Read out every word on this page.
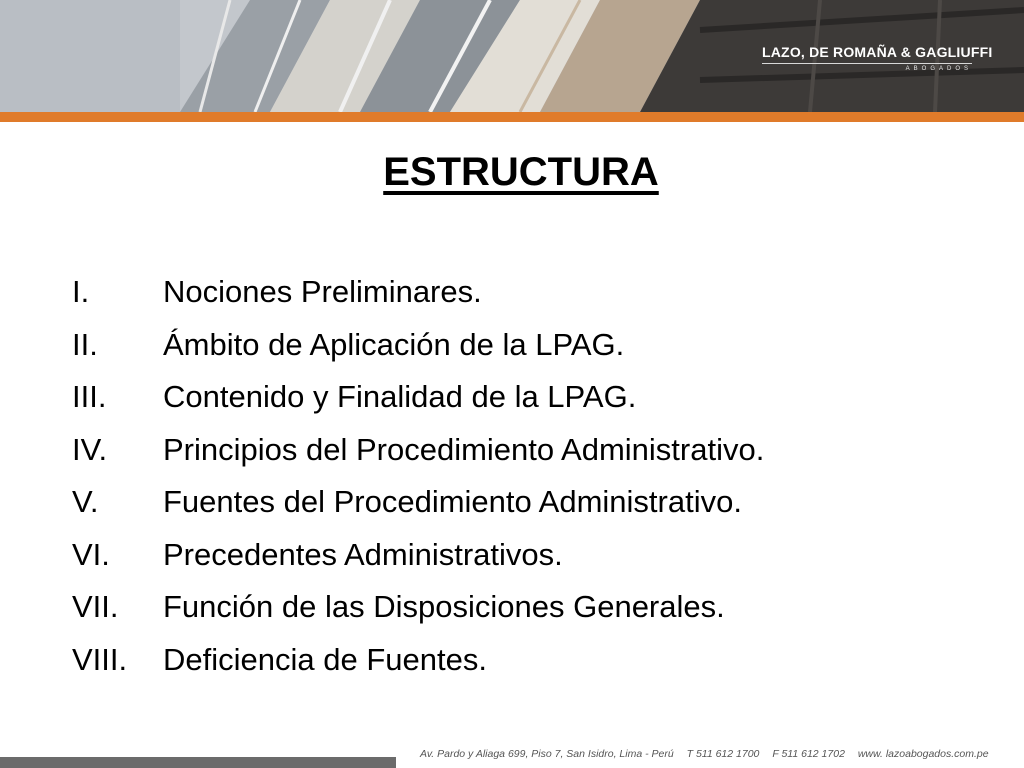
LAZO, DE ROMAÑA & GAGLIUFFI
ABOGADOS
ESTRUCTURA
I.	Nociones Preliminares.
II.	Ámbito de Aplicación de la LPAG.
III.	Contenido y Finalidad de la LPAG.
IV.	Principios del Procedimiento Administrativo.
V.	Fuentes del Procedimiento Administrativo.
VI.	Precedentes Administrativos.
VII.	Función de las Disposiciones Generales.
VIII.	Deficiencia de Fuentes.
Av. Pardo y Aliaga 699, Piso 7, San Isidro, Lima - Perú T 511 612 1700 F 511 612 1702 www. lazoabogados.com.pe
